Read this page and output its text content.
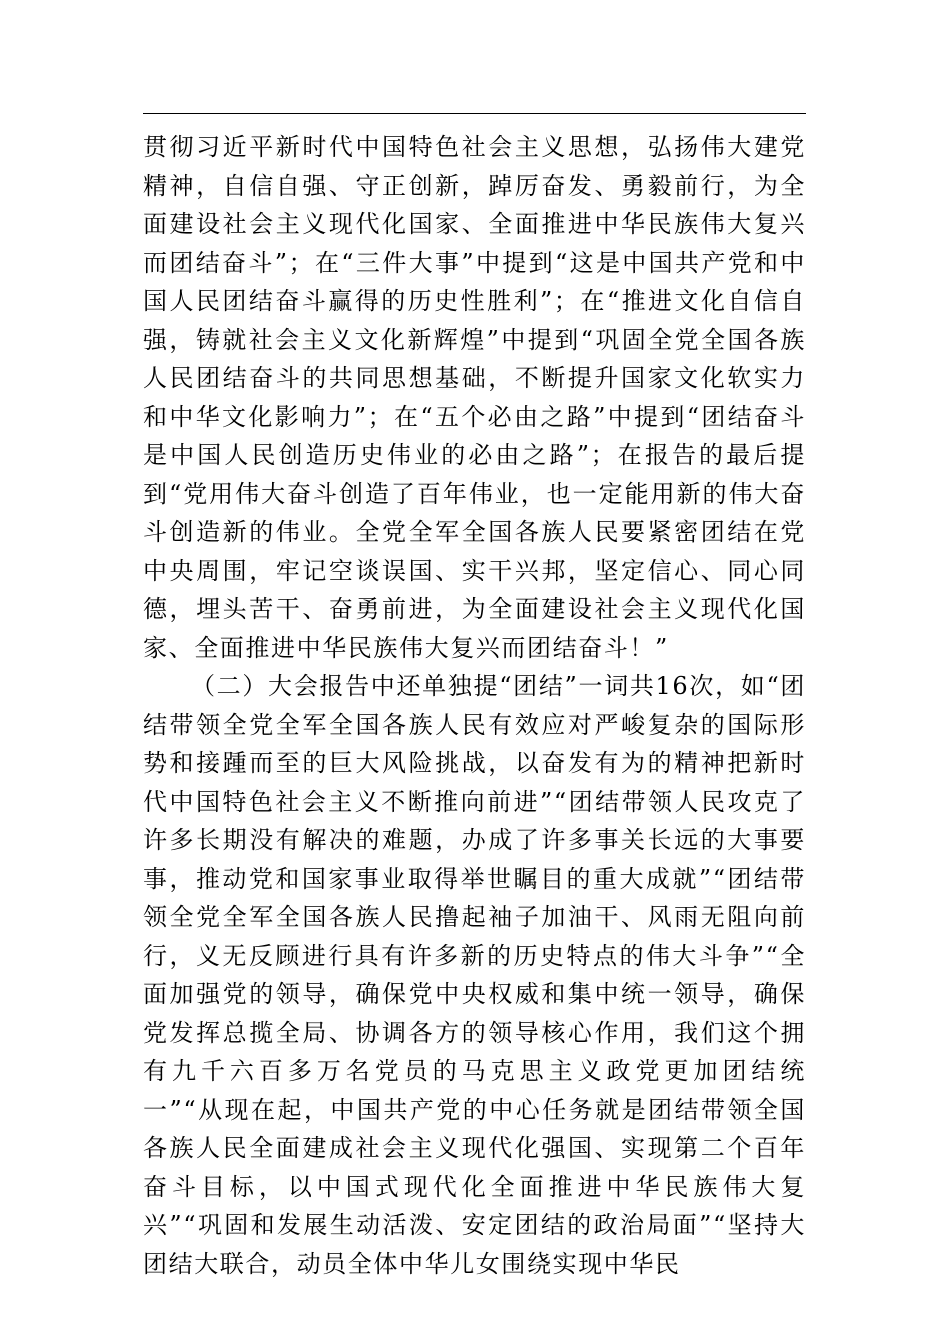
贯彻习近平新时代中国特色社会主义思想，弘扬伟大建党精神，自信自强、守正创新，踔厉奋发、勇毅前行，为全面建设社会主义现代化国家、全面推进中华民族伟大复兴而团结奋斗”；在“三件大事”中提到“这是中国共产党和中国人民团结奋斗赢得的历史性胜利”；在“推进文化自信自强，铸就社会主义文化新辉煌”中提到“巩固全党全国各族人民团结奋斗的共同思想基础，不断提升国家文化软实力和中华文化影响力”；在“五个必由之路”中提到“团结奋斗是中国人民创造历史伟业的必由之路”；在报告的最后提到“党用伟大奋斗创造了百年伟业，也一定能用新的伟大奋斗创造新的伟业。全党全军全国各族人民要紧密团结在党中央周围，牢记空谈误国、实干兴邦，坚定信心、同心同德，埋头苦干、奋勇前进，为全面建设社会主义现代化国家、全面推进中华民族伟大复兴而团结奋斗！”

（二）大会报告中还单独提“团结”一词共16次，如“团结带领全党全军全国各族人民有效应对严峻复杂的国际形势和接踵而至的巨大风险挑战，以奋发有为的精神把新时代中国特色社会主义不断推向前进”“团结带领人民攻克了许多长期没有解决的难题，办成了许多事关长远的大事要事，推动党和国家事业取得举世瞩目的重大成就”“团结带领全党全军全国各族人民撸起袖子加油干、风雨无阻向前行，义无反顾进行具有许多新的历史特点的伟大斗争”“全面加强党的领导，确保党中央权威和集中统一领导，确保党发挥总揽全局、协调各方的领导核心作用，我们这个拥有九千六百多万名党员的马克思主义政党更加团结统一”“从现在起，中国共产党的中心任务就是团结带领全国各族人民全面建成社会主义现代化强国、实现第二个百年奋斗目标，以中国式现代化全面推进中华民族伟大复兴”“巩固和发展生动活泼、安定团结的政治局面”“坚持大团结大联合，动员全体中华儿女围绕实现中华民
